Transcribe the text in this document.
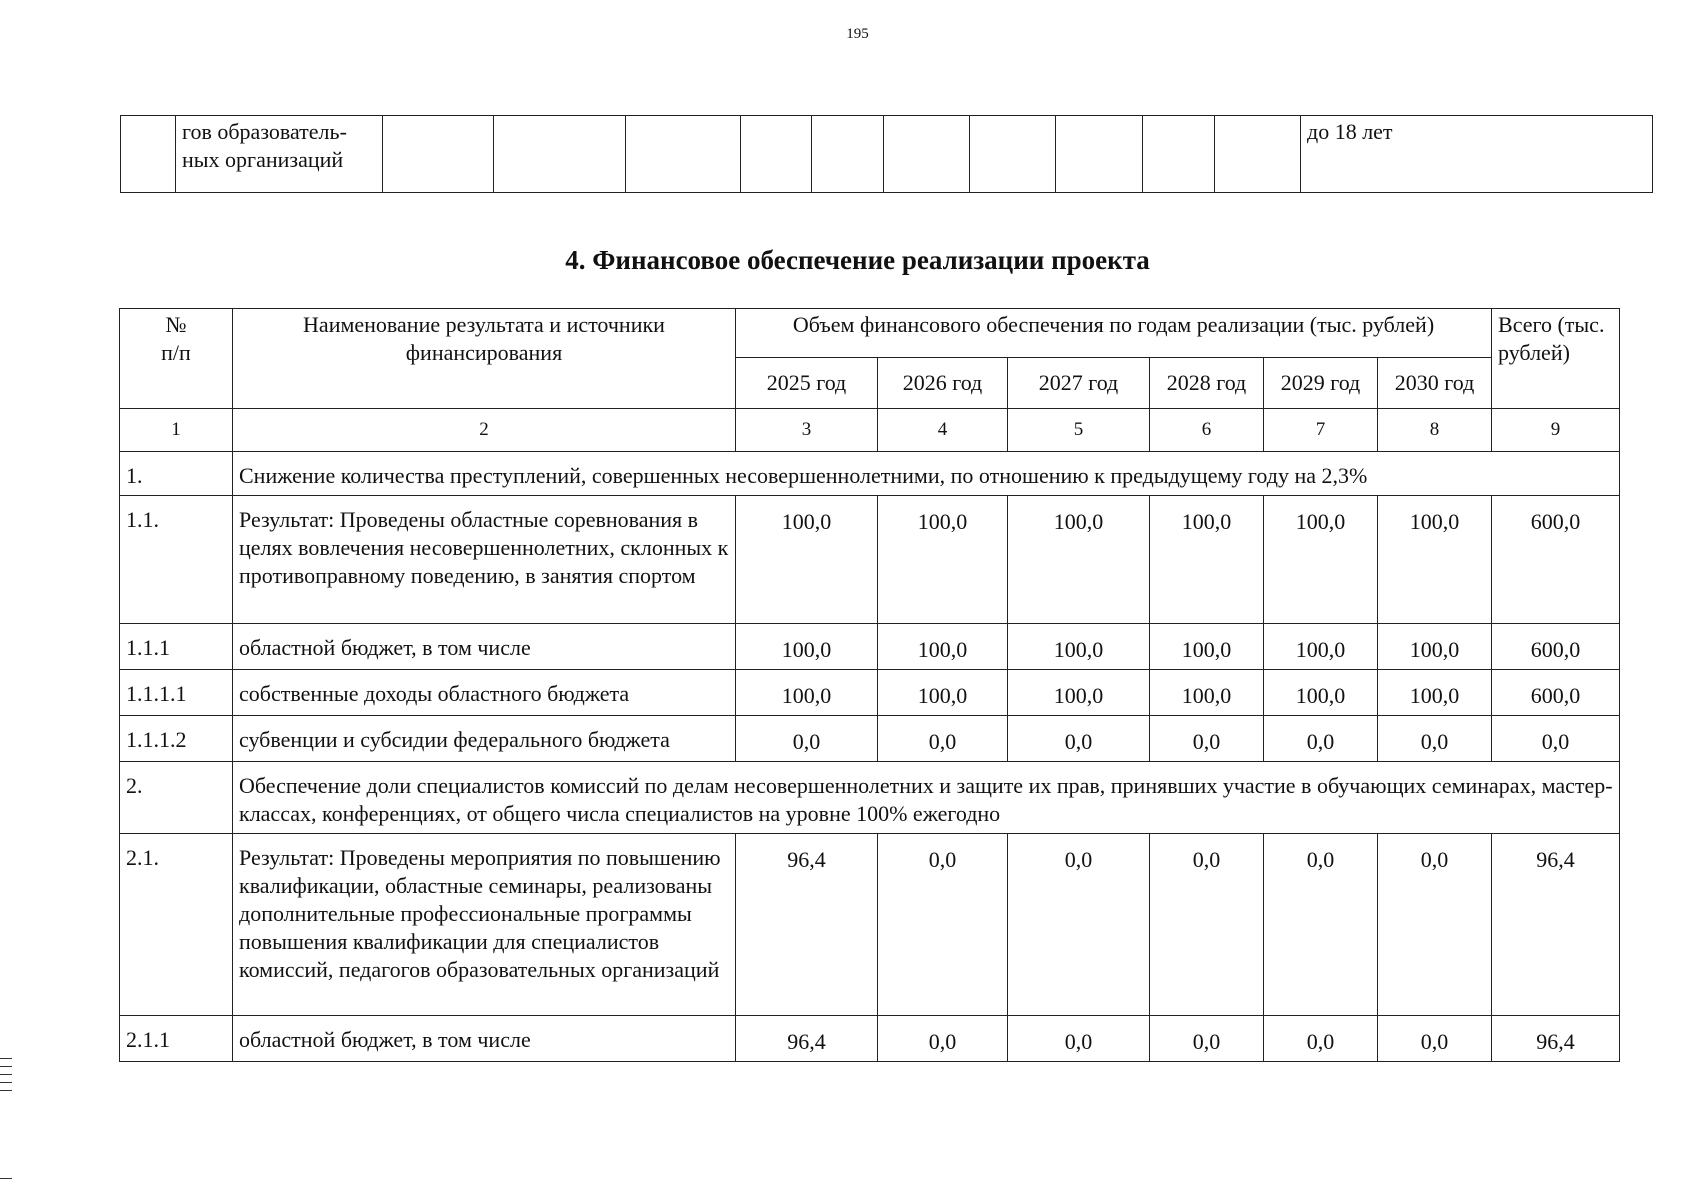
195
	гов образователь-
ных организаций											до 18 лет
4. Финансовое обеспечение реализации проекта
№
п/п	Наименование результата и источники финансирования	Объем финансового обеспечения по годам реализации (тыс. рублей)						Всего (тыс. рублей)
		2025 год	2026 год	2027 год	2028 год	2029 год	2030 год	
1	2	3	4	5	6	7	8	9
1.	Снижение количества преступлений, совершенных несовершеннолетними, по отношению к предыдущему году на 2,3%							
1.1.	Результат: Проведены областные соревнования в целях вовлечения несовершеннолетних, склонных к противоправному поведению, в занятия спортом	100,0	100,0	100,0	100,0	100,0	100,0	600,0
1.1.1	областной бюджет, в том числе	100,0	100,0	100,0	100,0	100,0	100,0	600,0
1.1.1.1	собственные доходы областного бюджета	100,0	100,0	100,0	100,0	100,0	100,0	600,0
1.1.1.2	субвенции и субсидии федерального бюджета	0,0	0,0	0,0	0,0	0,0	0,0	0,0
2.	Обеспечение доли специалистов комиссий по делам несовершеннолетних и защите их прав, принявших участие в обучающих семинарах, мастер-классах, конференциях, от общего числа специалистов на уровне 100% ежегодно							
2.1.	Результат: Проведены мероприятия по повышению квалификации, областные семинары, реализованы дополнительные профессиональные программы повышения квалификации для специалистов комиссий, педагогов образовательных организаций	96,4	0,0	0,0	0,0	0,0	0,0	96,4
2.1.1	областной бюджет, в том числе	96,4	0,0	0,0	0,0	0,0	0,0	96,4
